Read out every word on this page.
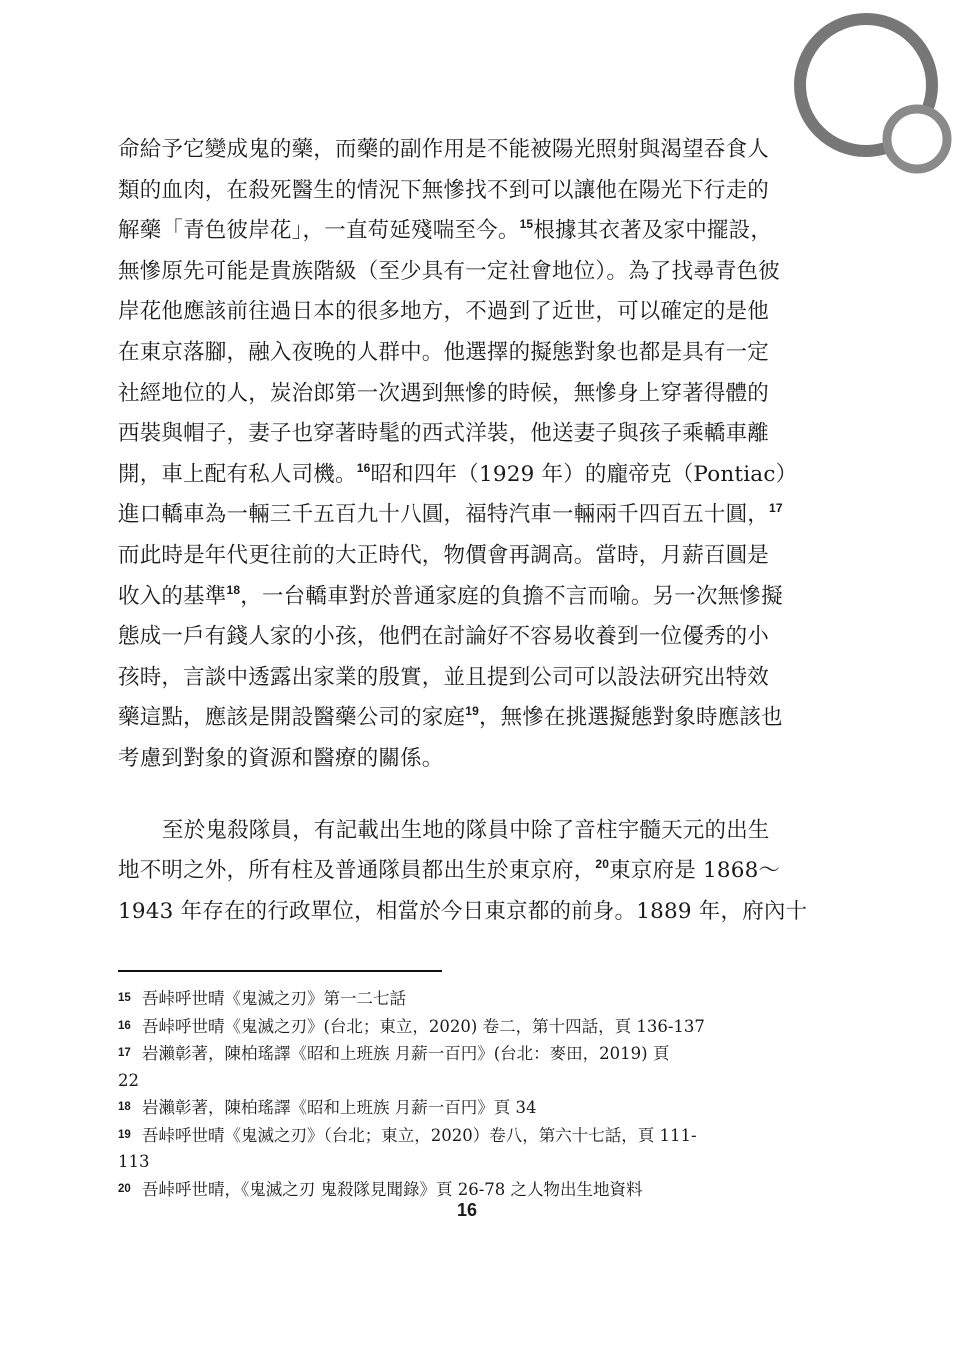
命給予它變成鬼的藥，而藥的副作用是不能被陽光照射與渴望吞食人
類的血肉，在殺死醫生的情況下無慘找不到可以讓他在陽光下行走的
解藥「青色彼岸花」，一直苟延殘喘至今。$^{15}$根據其衣著及家中擺設，
無慘原先可能是貴族階級（至少具有一定社會地位）。為了找尋青色彼
岸花他應該前往過日本的很多地方，不過到了近世，可以確定的是他
在東京落腳，融入夜晚的人群中。他選擇的擬態對象也都是具有一定
社經地位的人，炭治郎第一次遇到無慘的時候，無慘身上穿著得體的
西裝與帽子，妻子也穿著時髦的西式洋裝，他送妻子與孩子乘轎車離
開，車上配有私人司機。$^{16}$昭和四年（1929 年）的龐帝克（Pontiac）
進口轎車為一輛三千五百九十八圓，福特汽車一輛兩千四百五十圓，$^{17}$
而此時是年代更往前的大正時代，物價會再調高。當時，月薪百圓是
收入的基準$^{18}$，一台轎車對於普通家庭的負擔不言而喻。另一次無慘擬
態成一戶有錢人家的小孩，他們在討論好不容易收養到一位優秀的小
孩時，言談中透露出家業的殷實，並且提到公司可以設法研究出特效
藥這點，應該是開設醫藥公司的家庭$^{19}$，無慘在挑選擬態對象時應該也
考慮到對象的資源和醫療的關係。
至於鬼殺隊員，有記載出生地的隊員中除了音柱宇髓天元的出生
地不明之外，所有柱及普通隊員都出生於東京府，$^{20}$東京府是 1868～
1943 年存在的行政單位，相當於今日東京都的前身。1889 年，府內十
15 吾峠呼世晴《鬼滅之刃》第一二七話
16 吾峠呼世晴《鬼滅之刃》(台北；東立，2020) 卷二，第十四話，頁 136-137
17 岩瀨彰著，陳柏瑤譯《昭和上班族 月薪一百円》(台北：麥田，2019) 頁
22
18 岩瀨彰著，陳柏瑤譯《昭和上班族 月薪一百円》頁 34
19 吾峠呼世晴《鬼滅之刃》（台北；東立，2020）卷八，第六十七話，頁 111-
113
20 吾峠呼世晴，《鬼滅之刃 鬼殺隊見聞錄》頁 26-78 之人物出生地資料
16
